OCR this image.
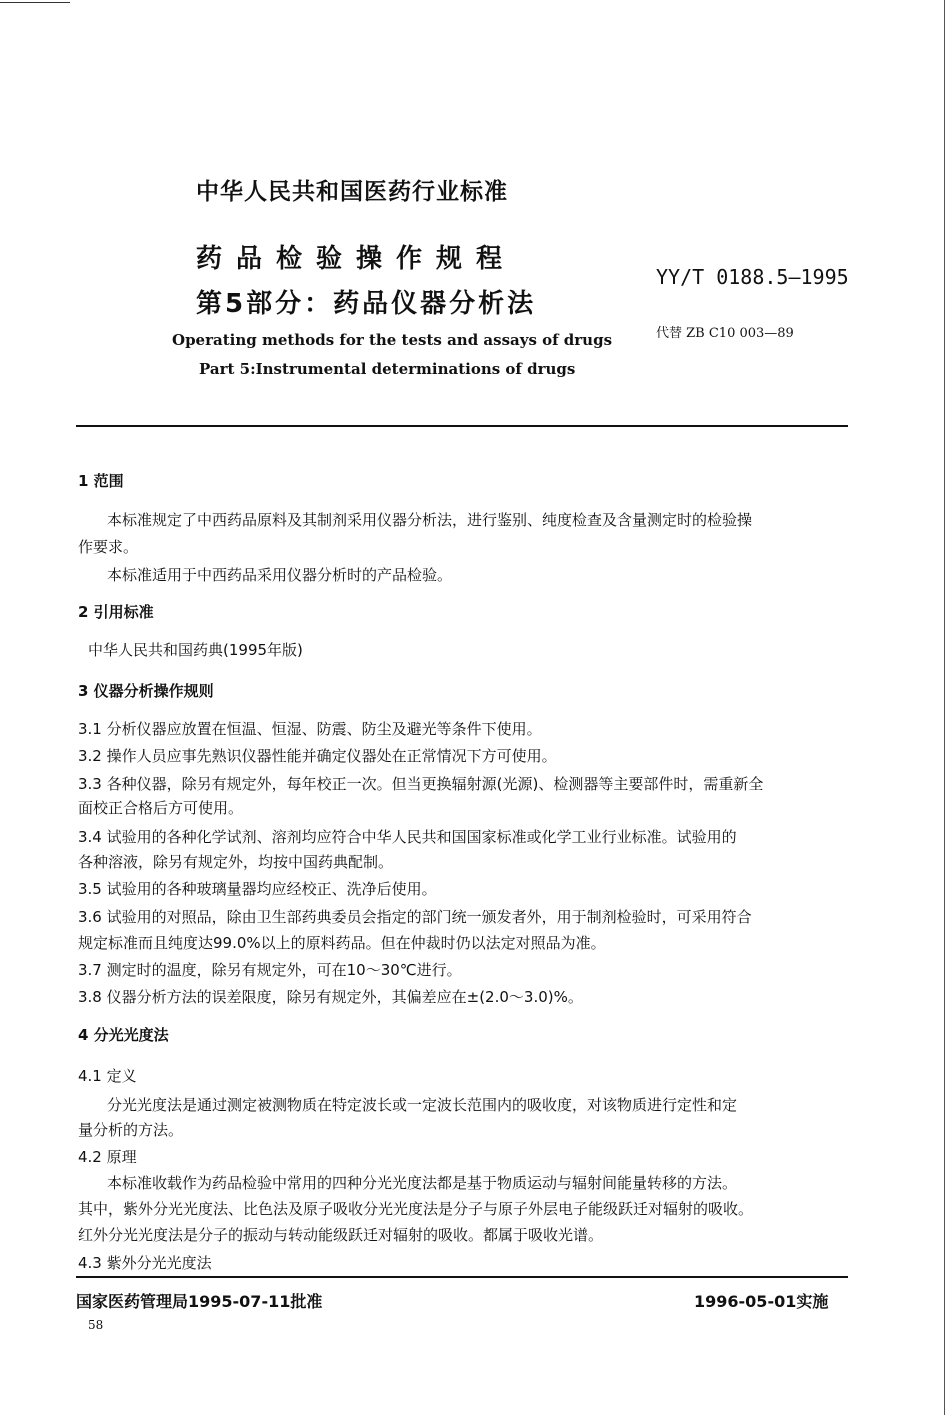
中华人民共和国医药行业标准
药品检验操作规程
第5部分：药品仪器分析法
YY/T 0188.5—1995
代替 ZB C10 003—89
Operating methods for the tests and assays of drugs
Part 5:Instrumental determinations of drugs
1 范围
本标准规定了中西药品原料及其制剂采用仪器分析法，进行鉴别、纯度检查及含量测定时的检验操
作要求。
本标准适用于中西药品采用仪器分析时的产品检验。
2 引用标准
中华人民共和国药典(1995年版)
3 仪器分析操作规则
3.1 分析仪器应放置在恒温、恒湿、防震、防尘及避光等条件下使用。
3.2 操作人员应事先熟识仪器性能并确定仪器处在正常情况下方可使用。
3.3 各种仪器，除另有规定外，每年校正一次。但当更换辐射源(光源)、检测器等主要部件时，需重新全
面校正合格后方可使用。
3.4 试验用的各种化学试剂、溶剂均应符合中华人民共和国国家标准或化学工业行业标准。试验用的
各种溶液，除另有规定外，均按中国药典配制。
3.5 试验用的各种玻璃量器均应经校正、洗净后使用。
3.6 试验用的对照品，除由卫生部药典委员会指定的部门统一颁发者外，用于制剂检验时，可采用符合
规定标准而且纯度达99.0%以上的原料药品。但在仲裁时仍以法定对照品为准。
3.7 测定时的温度，除另有规定外，可在10～30℃进行。
3.8 仪器分析方法的误差限度，除另有规定外，其偏差应在±(2.0～3.0)%。
4 分光光度法
4.1 定义
分光光度法是通过测定被测物质在特定波长或一定波长范围内的吸收度，对该物质进行定性和定
量分析的方法。
4.2 原理
本标准收载作为药品检验中常用的四种分光光度法都是基于物质运动与辐射间能量转移的方法。
其中，紫外分光光度法、比色法及原子吸收分光光度法是分子与原子外层电子能级跃迁对辐射的吸收。
红外分光光度法是分子的振动与转动能级跃迁对辐射的吸收。都属于吸收光谱。
4.3 紫外分光光度法
国家医药管理局1995-07-11批准	1996-05-01实施
58
